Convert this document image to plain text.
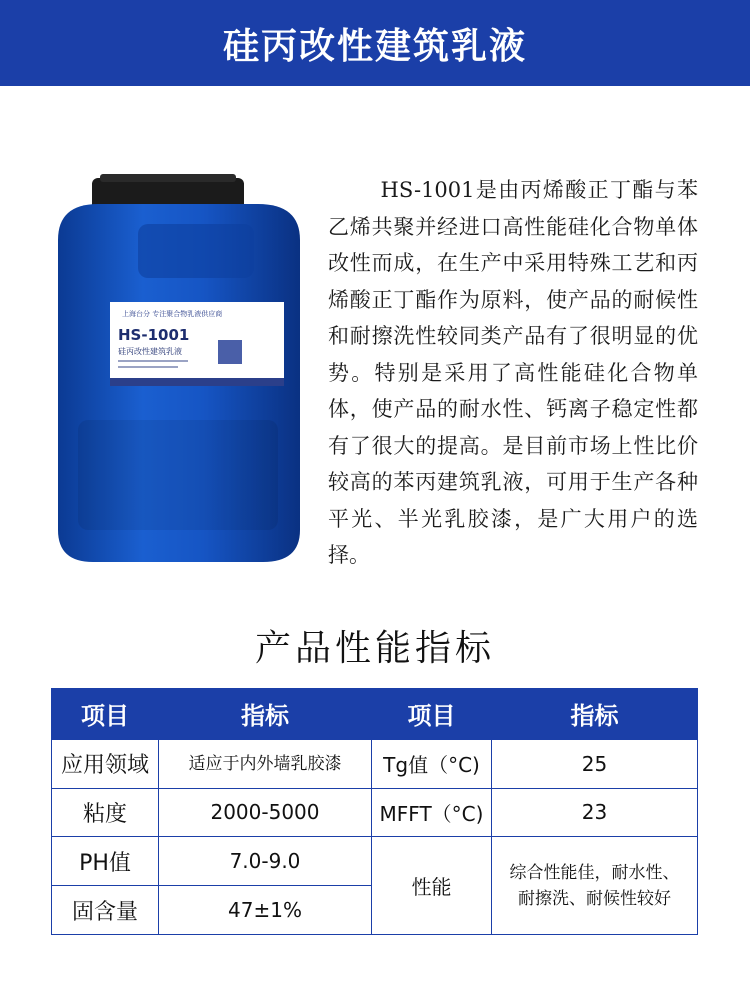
硅丙改性建筑乳液
上海台分 专注聚合物乳液供应商
HS-1001
硅丙改性建筑乳液
HS-1001是由丙烯酸正丁酯与苯乙烯共聚并经进口高性能硅化合物单体改性而成，在生产中采用特殊工艺和丙烯酸正丁酯作为原料，使产品的耐候性和耐擦洗性较同类产品有了很明显的优势。特别是采用了高性能硅化合物单体，使产品的耐水性、钙离子稳定性都有了很大的提高。是目前市场上性比价较高的苯丙建筑乳液，可用于生产各种平光、半光乳胶漆，是广大用户的选择。
产品性能指标
项目	指标	项目	指标
应用领域	适应于内外墙乳胶漆	Tg值（°C)	25
粘度	2000-5000	MFFT（°C)	23
PH值	7.0-9.0	性能	综合性能佳，耐水性、
耐擦洗、耐候性较好

固含量	47±1%		
